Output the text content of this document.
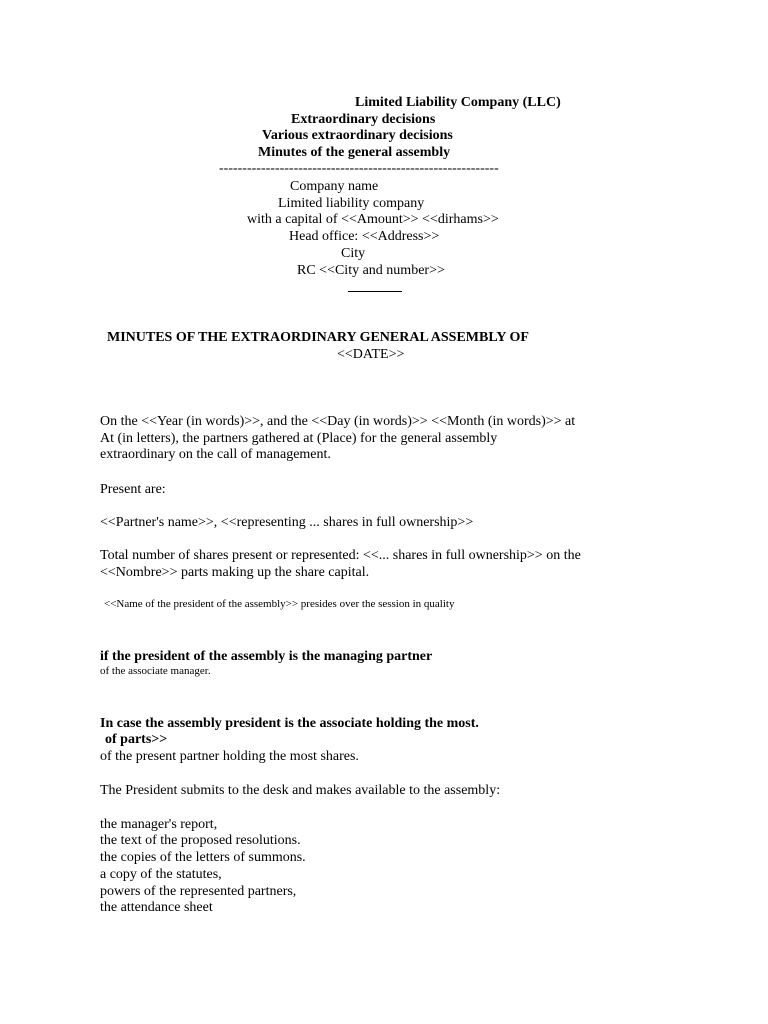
Limited Liability Company (LLC)
Extraordinary decisions
Various extraordinary decisions
Minutes of the general assembly
------------------------------------------------------------
Company name
Limited liability company
with a capital of <<Amount>> <<dirhams>>
Head office: <<Address>>
City
RC <<City and number>>
MINUTES OF THE EXTRAORDINARY GENERAL ASSEMBLY OF
<<DATE>>
On the <<Year (in words)>>, and the <<Day (in words)>> <<Month (in words)>> at
At (in letters), the partners gathered at (Place) for the general assembly
extraordinary on the call of management.
Present are:
<<Partner's name>>, <<representing ... shares in full ownership>>
Total number of shares present or represented: <<... shares in full ownership>> on the
<<Nombre>> parts making up the share capital.
<<Name of the president of the assembly>> presides over the session in quality
if the president of the assembly is the managing partner
of the associate manager.
In case the assembly president is the associate holding the most.
of parts>>
of the present partner holding the most shares.
The President submits to the desk and makes available to the assembly:
the manager's report,
the text of the proposed resolutions.
the copies of the letters of summons.
a copy of the statutes,
powers of the represented partners,
the attendance sheet
